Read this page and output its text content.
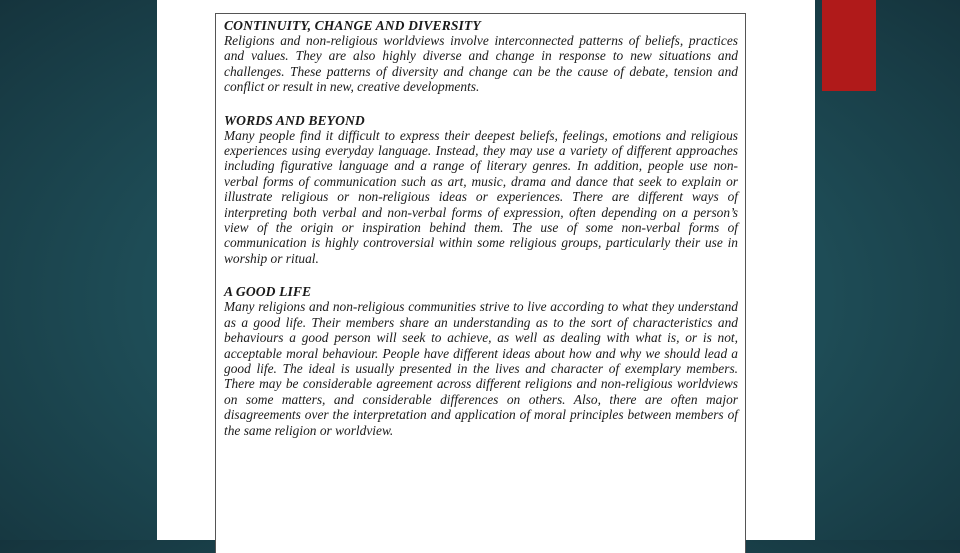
CONTINUITY, CHANGE AND DIVERSITY

Religions and non-religious worldviews involve interconnected patterns of beliefs, practices and values. They are also highly diverse and change in response to new situations and challenges. These patterns of diversity and change can be the cause of debate, tension and conflict or result in new, creative developments.

WORDS AND BEYOND

Many people find it difficult to express their deepest beliefs, feelings, emotions and religious experiences using everyday language. Instead, they may use a variety of different approaches including figurative language and a range of literary genres. In addition, people use non-verbal forms of communication such as art, music, drama and dance that seek to explain or illustrate religious or non-religious ideas or experiences. There are different ways of interpreting both verbal and non-verbal forms of expression, often depending on a person’s view of the origin or inspiration behind them. The use of some non-verbal forms of communication is highly controversial within some religious groups, particularly their use in worship or ritual.

A GOOD LIFE

Many religions and non-religious communities strive to live according to what they understand as a good life. Their members share an understanding as to the sort of characteristics and behaviours a good person will seek to achieve, as well as dealing with what is, or is not, acceptable moral behaviour. People have different ideas about how and why we should lead a good life. The ideal is usually presented in the lives and character of exemplary members. There may be considerable agreement across different religions and non-religious worldviews on some matters, and considerable differences on others. Also, there are often major disagreements over the interpretation and application of moral principles between members of the same religion or worldview.
